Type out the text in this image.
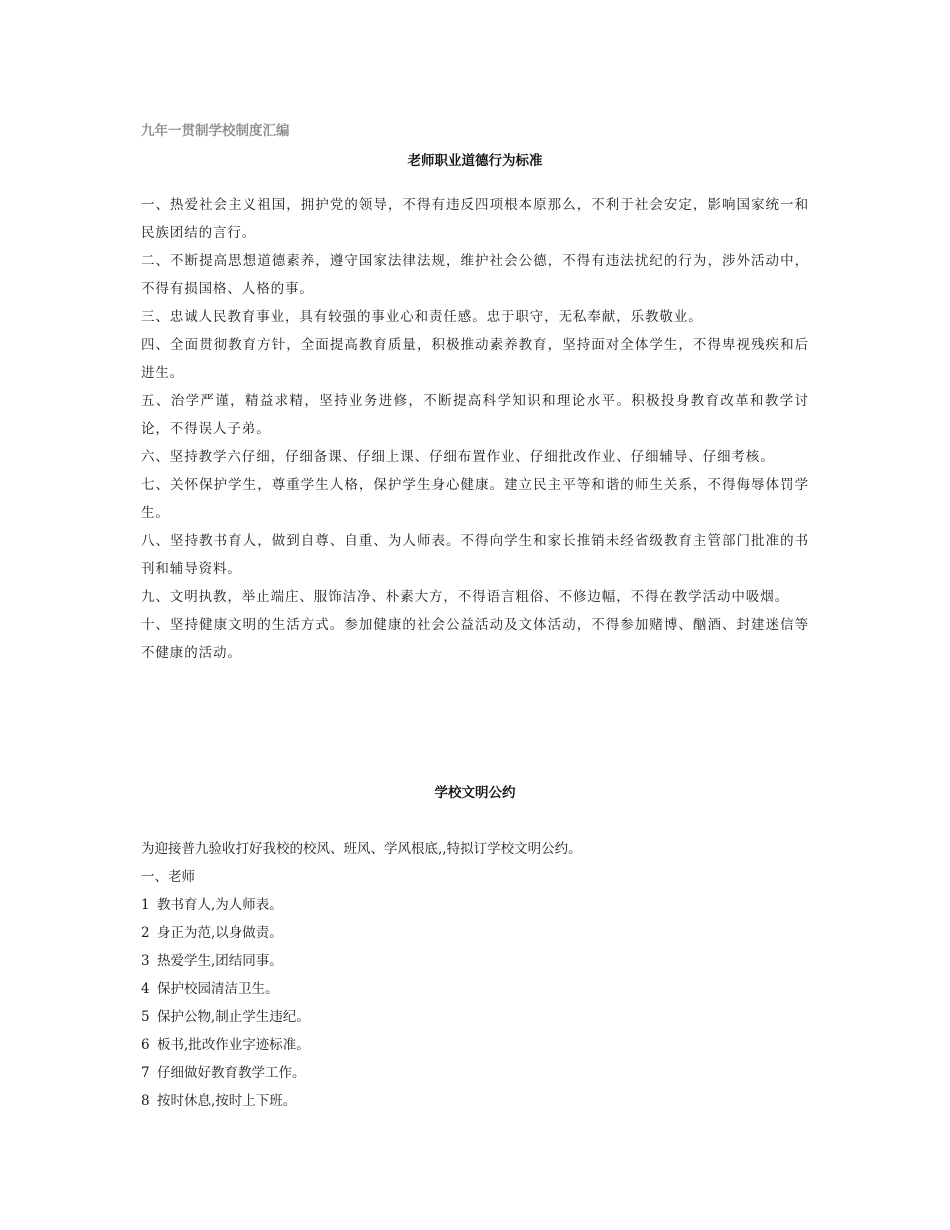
九年一贯制学校制度汇编
老师职业道德行为标准
一、热爱社会主义祖国，拥护党的领导，不得有违反四项根本原那么，不利于社会安定，影响国家统一和民族团结的言行。
二、不断提高思想道德素养，遵守国家法律法规，维护社会公德，不得有违法扰纪的行为，涉外活动中，不得有损国格、人格的事。
三、忠诚人民教育事业，具有较强的事业心和责任感。忠于职守，无私奉献，乐教敬业。
四、全面贯彻教育方针，全面提高教育质量，积极推动素养教育，坚持面对全体学生，不得卑视残疾和后进生。
五、治学严谨，精益求精，坚持业务进修，不断提高科学知识和理论水平。积极投身教育改革和教学讨论，不得误人子弟。
六、坚持教学六仔细，仔细备课、仔细上课、仔细布置作业、仔细批改作业、仔细辅导、仔细考核。
七、关怀保护学生，尊重学生人格，保护学生身心健康。建立民主平等和谐的师生关系，不得侮辱体罚学生。
八、坚持教书育人，做到自尊、自重、为人师表。不得向学生和家长推销未经省级教育主管部门批准的书刊和辅导资料。
九、文明执教，举止端庄、服饰洁净、朴素大方，不得语言粗俗、不修边幅，不得在教学活动中吸烟。
十、坚持健康文明的生活方式。参加健康的社会公益活动及文体活动，不得参加赌博、酗酒、封建迷信等不健康的活动。
学校文明公约
为迎接普九验收打好我校的校风、班风、学风根底,,特拟订学校文明公约。
一、老师
1 教书育人,为人师表。
2 身正为范,以身做责。
3 热爱学生,团结同事。
4 保护校园清洁卫生。
5 保护公物,制止学生违纪。
6 板书,批改作业字迹标准。
7 仔细做好教育教学工作。
8 按时休息,按时上下班。
